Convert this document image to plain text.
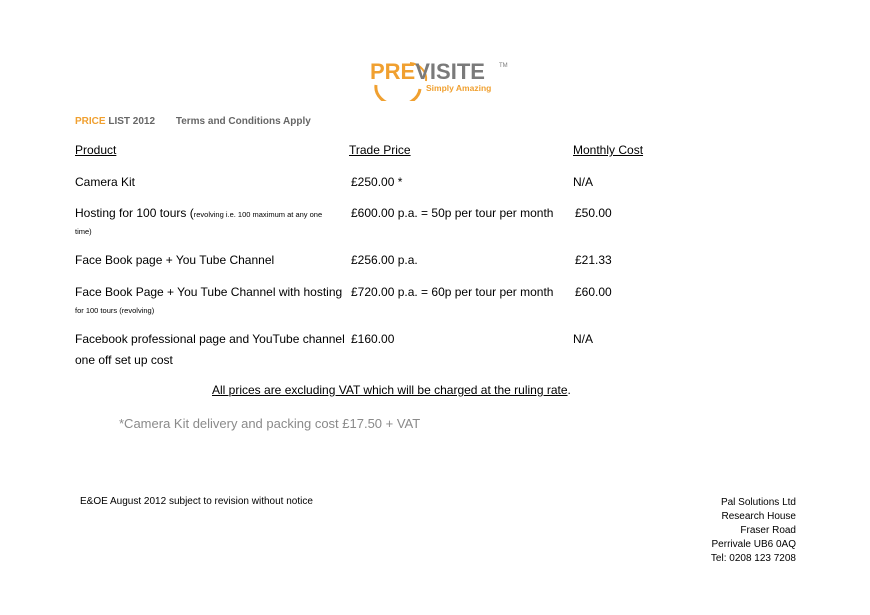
PREVISITE TM
Simply Amazing
PRICE LIST 2012 Terms and Conditions Apply
Product	Trade Price	Monthly Cost
Camera Kit	£250.00 *	N/A
Hosting for 100 tours (revolving i.e. 100 maximum at any one
time)
£600.00 p.a. = 50p per tour per month £50.00
Face Book page + You Tube Channel	£256.00 p.a.	£21.33
Face Book Page + You Tube Channel with hosting
for 100 tours (revolving)
£720.00 p.a. = 60p per tour per month £60.00
Facebook professional page and YouTube channel
one off set up cost
£160.00	N/A
All prices are excluding VAT which will be charged at the ruling rate.
*Camera Kit delivery and packing cost £17.50 + VAT
E&OE August 2012 subject to revision without notice	Pal Solutions Ltd
Research House
Fraser Road
Perrivale UB6 0AQ
Tel: 0208 123 7208
